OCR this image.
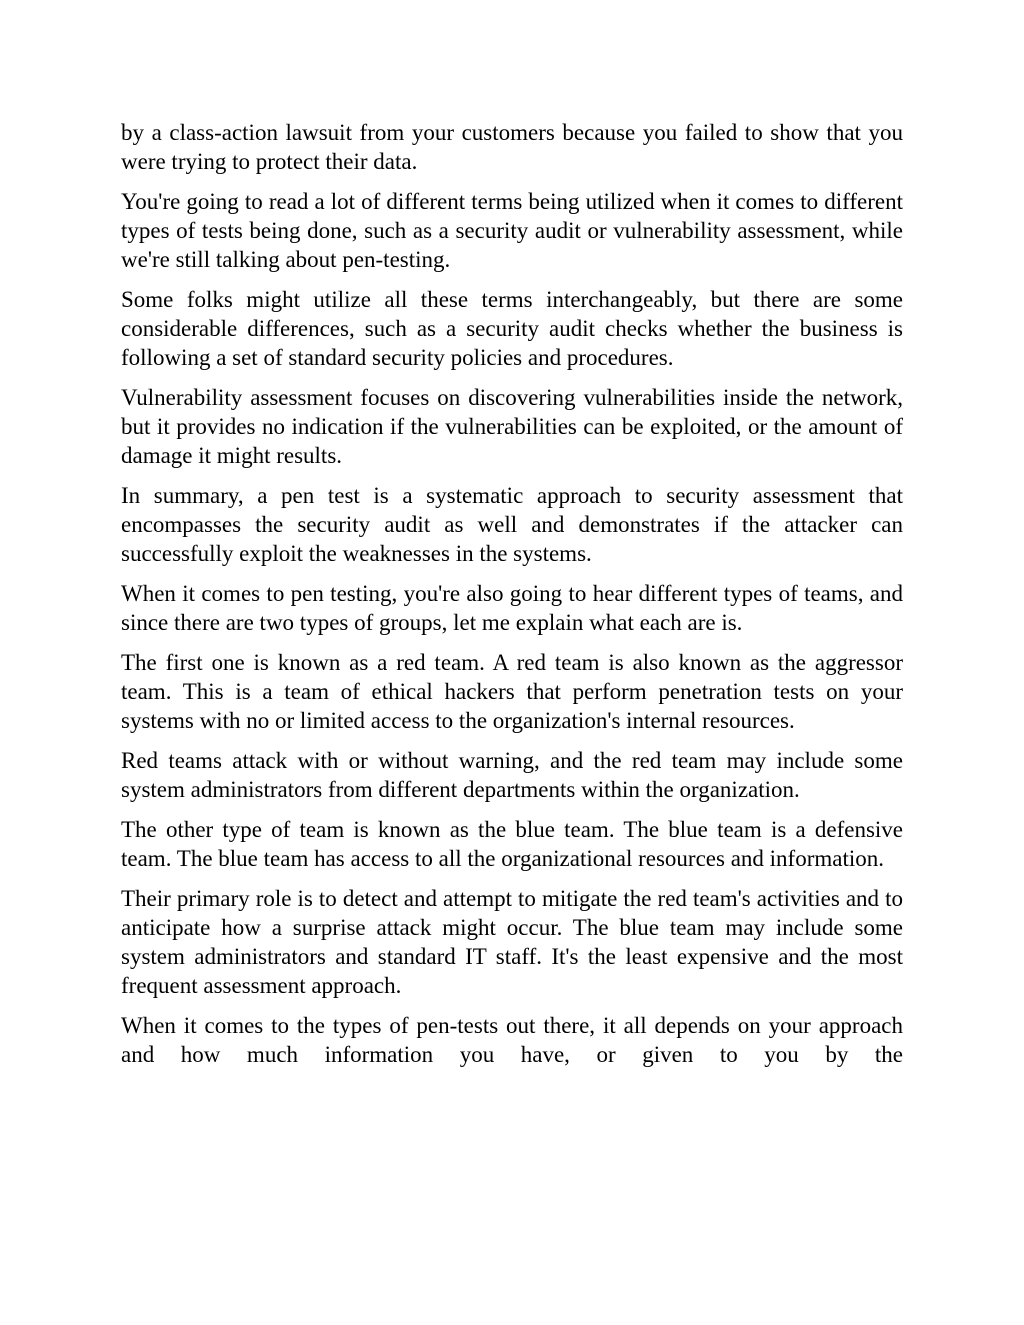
by a class-action lawsuit from your customers because you failed to show that you were trying to protect their data.

You're going to read a lot of different terms being utilized when it comes to different types of tests being done, such as a security audit or vulnerability assessment, while we're still talking about pen-testing.

Some folks might utilize all these terms interchangeably, but there are some considerable differences, such as a security audit checks whether the business is following a set of standard security policies and procedures.

Vulnerability assessment focuses on discovering vulnerabilities inside the network, but it provides no indication if the vulnerabilities can be exploited, or the amount of damage it might results.

In summary, a pen test is a systematic approach to security assessment that encompasses the security audit as well and demonstrates if the attacker can successfully exploit the weaknesses in the systems.

When it comes to pen testing, you're also going to hear different types of teams, and since there are two types of groups, let me explain what each are is.

The first one is known as a red team. A red team is also known as the aggressor team. This is a team of ethical hackers that perform penetration tests on your systems with no or limited access to the organization's internal resources.

Red teams attack with or without warning, and the red team may include some system administrators from different departments within the organization.

The other type of team is known as the blue team. The blue team is a defensive team. The blue team has access to all the organizational resources and information.

Their primary role is to detect and attempt to mitigate the red team's activities and to anticipate how a surprise attack might occur. The blue team may include some system administrators and standard IT staff. It's the least expensive and the most frequent assessment approach.

When it comes to the types of pen-tests out there, it all depends on your approach and how much information you have, or given to you by the
